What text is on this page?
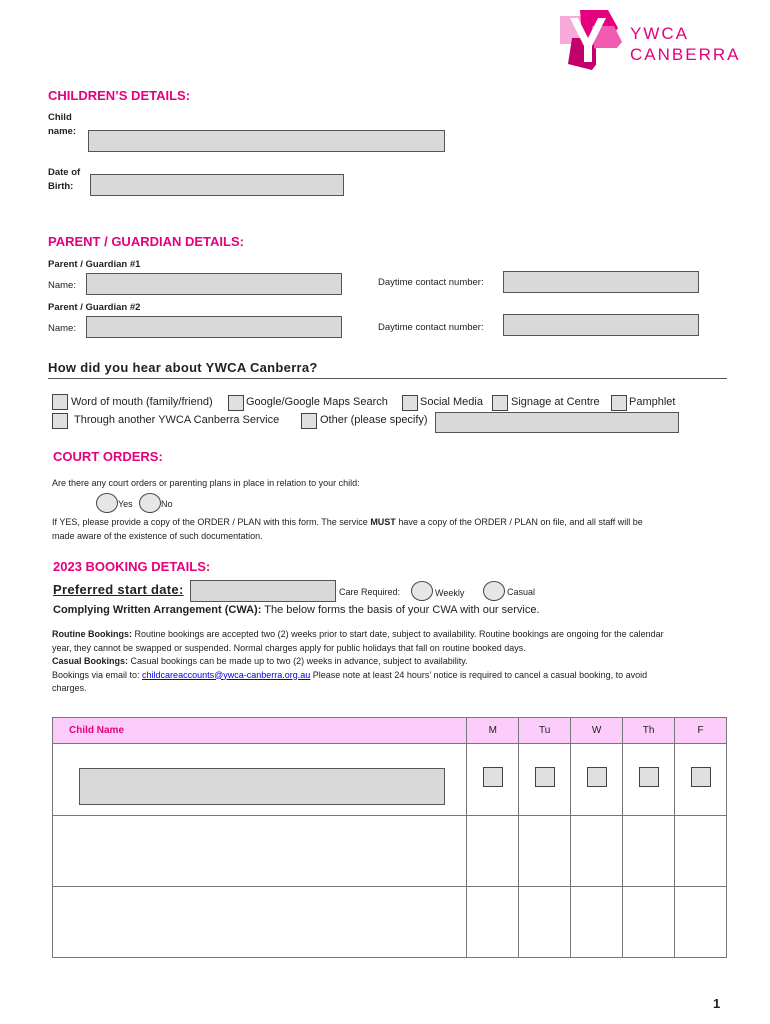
YWCA
CANBERRA
CHILDREN’S DETAILS:
Child
name:
Date of
Birth:
PARENT / GUARDIAN DETAILS:
Parent / Guardian #1
Name:	Daytime contact number:
Parent / Guardian #2
Name:	Daytime contact number:
How did you hear about YWCA Canberra?
Word of mouth (family/friend)	Google/Google Maps Search	Social Media	Signage at Centre	Pamphlet
Through another YWCA Canberra Service	Other (please specify)
COURT ORDERS:
Are there any court orders or parenting plans in place in relation to your child:
Yes	No
If YES, please provide a copy of the ORDER / PLAN with this form. The service MUST have a copy of the ORDER / PLAN on file, and all staff will be
made aware of the existence of such documentation.
2023 BOOKING DETAILS:
Preferred start date:	Care Required:	Weekly	Casual
Complying Written Arrangement (CWA): The below forms the basis of your CWA with our service.
Routine Bookings: Routine bookings are accepted two (2) weeks prior to start date, subject to availability. Routine bookings are ongoing for the calendar
year, they cannot be swapped or suspended. Normal charges apply for public holidays that fall on routine booked days.
Casual Bookings: Casual bookings can be made up to two (2) weeks in advance, subject to availability.
Bookings via email to: childcareaccounts@ywca-canberra.org.au Please note at least 24 hours’ notice is required to cancel a casual booking, to avoid
charges.
Child Name	M	Tu	W	Th	F

1
